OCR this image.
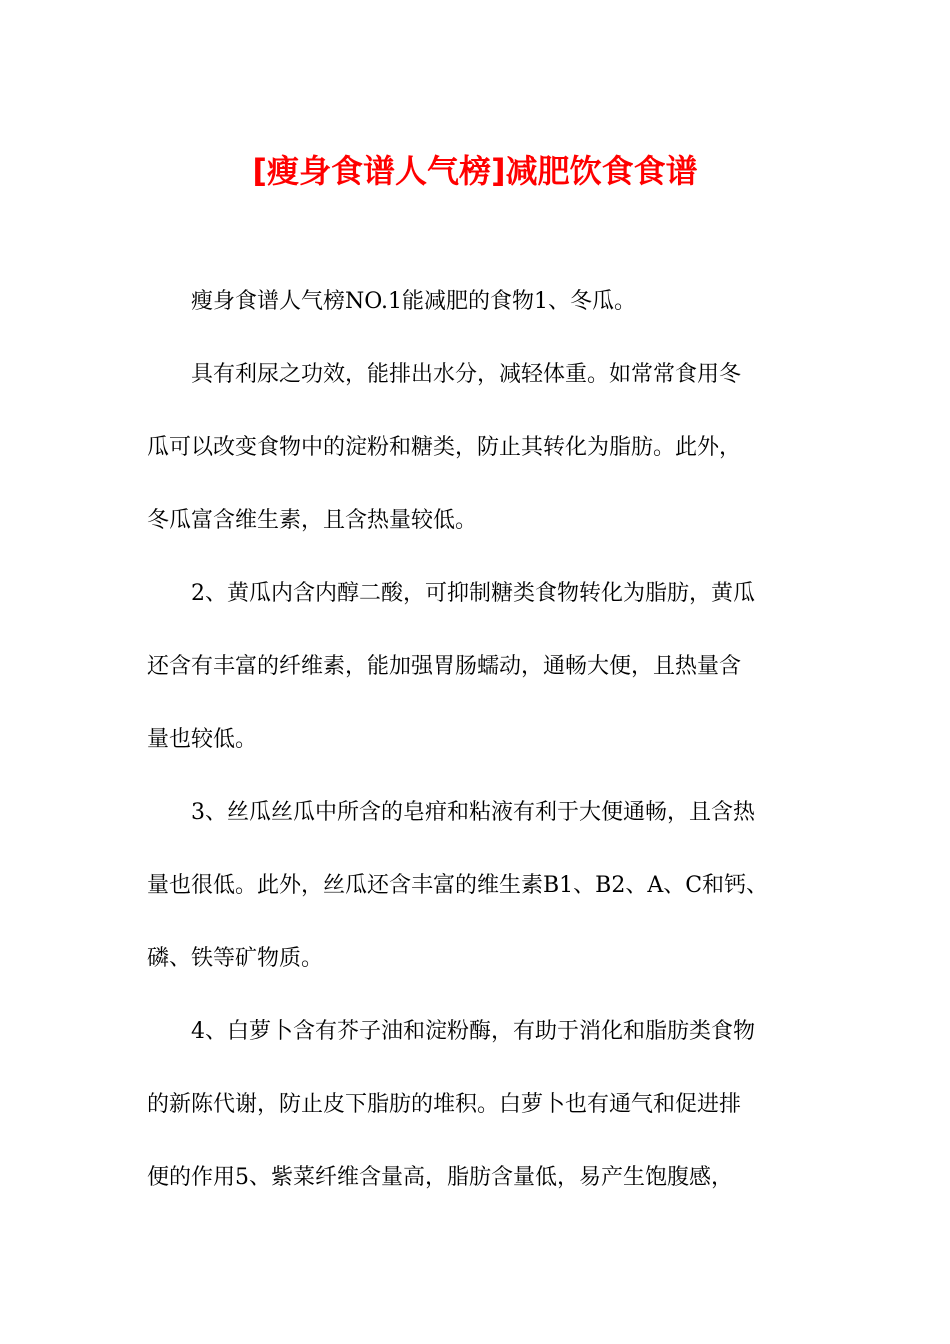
[瘦身食谱人气榜]减肥饮食食谱
瘦身食谱人气榜NO.1能减肥的食物1、冬瓜。
具有利尿之功效，能排出水分，减轻体重。如常常食用冬
瓜可以改变食物中的淀粉和糖类，防止其转化为脂肪。此外，
冬瓜富含维生素，且含热量较低。
2、黄瓜内含内醇二酸，可抑制糖类食物转化为脂肪，黄瓜
还含有丰富的纤维素，能加强胃肠蠕动，通畅大便，且热量含
量也较低。
3、丝瓜丝瓜中所含的皂疳和粘液有利于大便通畅，且含热
量也很低。此外，丝瓜还含丰富的维生素B1、B2、A、C和钙、
磷、铁等矿物质。
4、白萝卜含有芥子油和淀粉酶，有助于消化和脂肪类食物
的新陈代谢，防止皮下脂肪的堆积。白萝卜也有通气和促进排
便的作用5、紫菜纤维含量高，脂肪含量低，易产生饱腹感，
